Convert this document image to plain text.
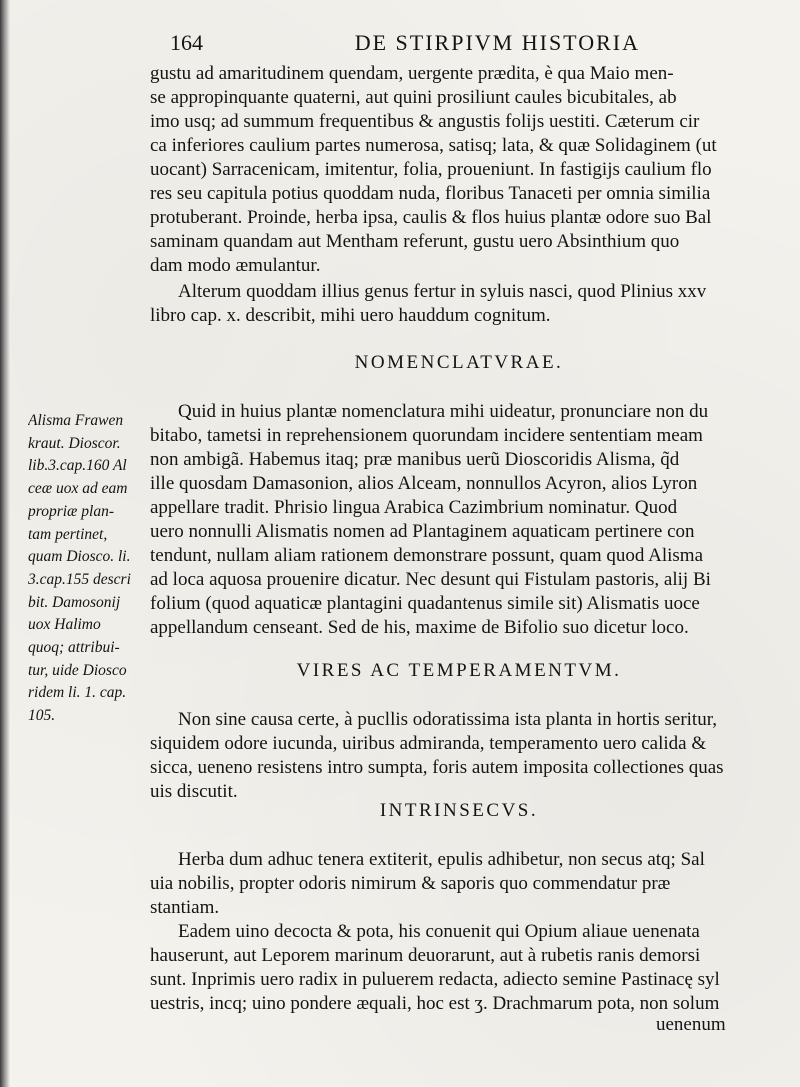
164	DE STIRPIVM HISTORIA
gustu ad amaritudinem quendam, uergente prædita, è qua Maio men-
se appropinquante quaterni, aut quini prosiliunt caules bicubitales, ab
imo usq; ad summum frequentibus & angustis folijs uestiti. Cæterum cir
ca inferiores caulium partes numerosa, satisq; lata, & quæ Solidaginem (ut
uocant) Sarracenicam, imitentur, folia, proueniunt. In fastigijs caulium flo
res seu capitula potius quoddam nuda, floribus Tanaceti per omnia similia
protuberant. Proinde, herba ipsa, caulis & flos huius plantæ odore suo Bal
saminam quandam aut Mentham referunt, gustu uero Absinthium quo
dam modo æmulantur.
Alterum quoddam illius genus fertur in syluis nasci, quod Plinius xxv
libro cap. x. describit, mihi uero hauddum cognitum.
NOMENCLATVRAE.
Quid in huius plantæ nomenclatura mihi uideatur, pronunciare non du
bitabo, tametsi in reprehensionem quorundam incidere sententiam meam
non ambigã. Habemus itaq; præ manibus uerũ Dioscoridis Alisma, q̃d
ille quosdam Damasonion, alios Alceam, nonnullos Acyron, alios Lyron
appellare tradit. Phrisio lingua Arabica Cazimbrium nominatur. Quod
uero nonnulli Alismatis nomen ad Plantaginem aquaticam pertinere con
tendunt, nullam aliam rationem demonstrare possunt, quam quod Alisma
ad loca aquosa prouenire dicatur. Nec desunt qui Fistulam pastoris, alij Bi
folium (quod aquaticæ plantagini quadantenus simile sit) Alismatis uoce
appellandum censeant. Sed de his, maxime de Bifolio suo dicetur loco.
VIRES AC TEMPERAMENTVM.
Non sine causa certe, à pucllis odoratissima ista planta in hortis seritur,
siquidem odore iucunda, uiribus admiranda, temperamento uero calida &
sicca, ueneno resistens intro sumpta, foris autem imposita collectiones quas
uis discutit.
INTRINSECVS.
Herba dum adhuc tenera extiterit, epulis adhibetur, non secus atq; Sal
uia nobilis, propter odoris nimirum & saporis quo commendatur præ
stantiam.
Eadem uino decocta & pota, his conuenit qui Opium aliaue uenenata
hauserunt, aut Leporem marinum deuorarunt, aut à rubetis ranis demorsi
sunt. Inprimis uero radix in puluerem redacta, adiecto semine Pastinacę syl
uestris, incq; uino pondere æquali, hoc est ʒ. Drachmarum pota, non solum
uenenum
Alisma Frawen
kraut. Dioscor.
lib.3.cap.160 Al
ceæ uox ad eam
propriæ plan-
tam pertinet,
quam Diosco. li.
3.cap.155 descri
bit. Damosonij
uox Halimo
quoq; attribui-
tur, uide Diosco
ridem li. 1. cap.
105.
